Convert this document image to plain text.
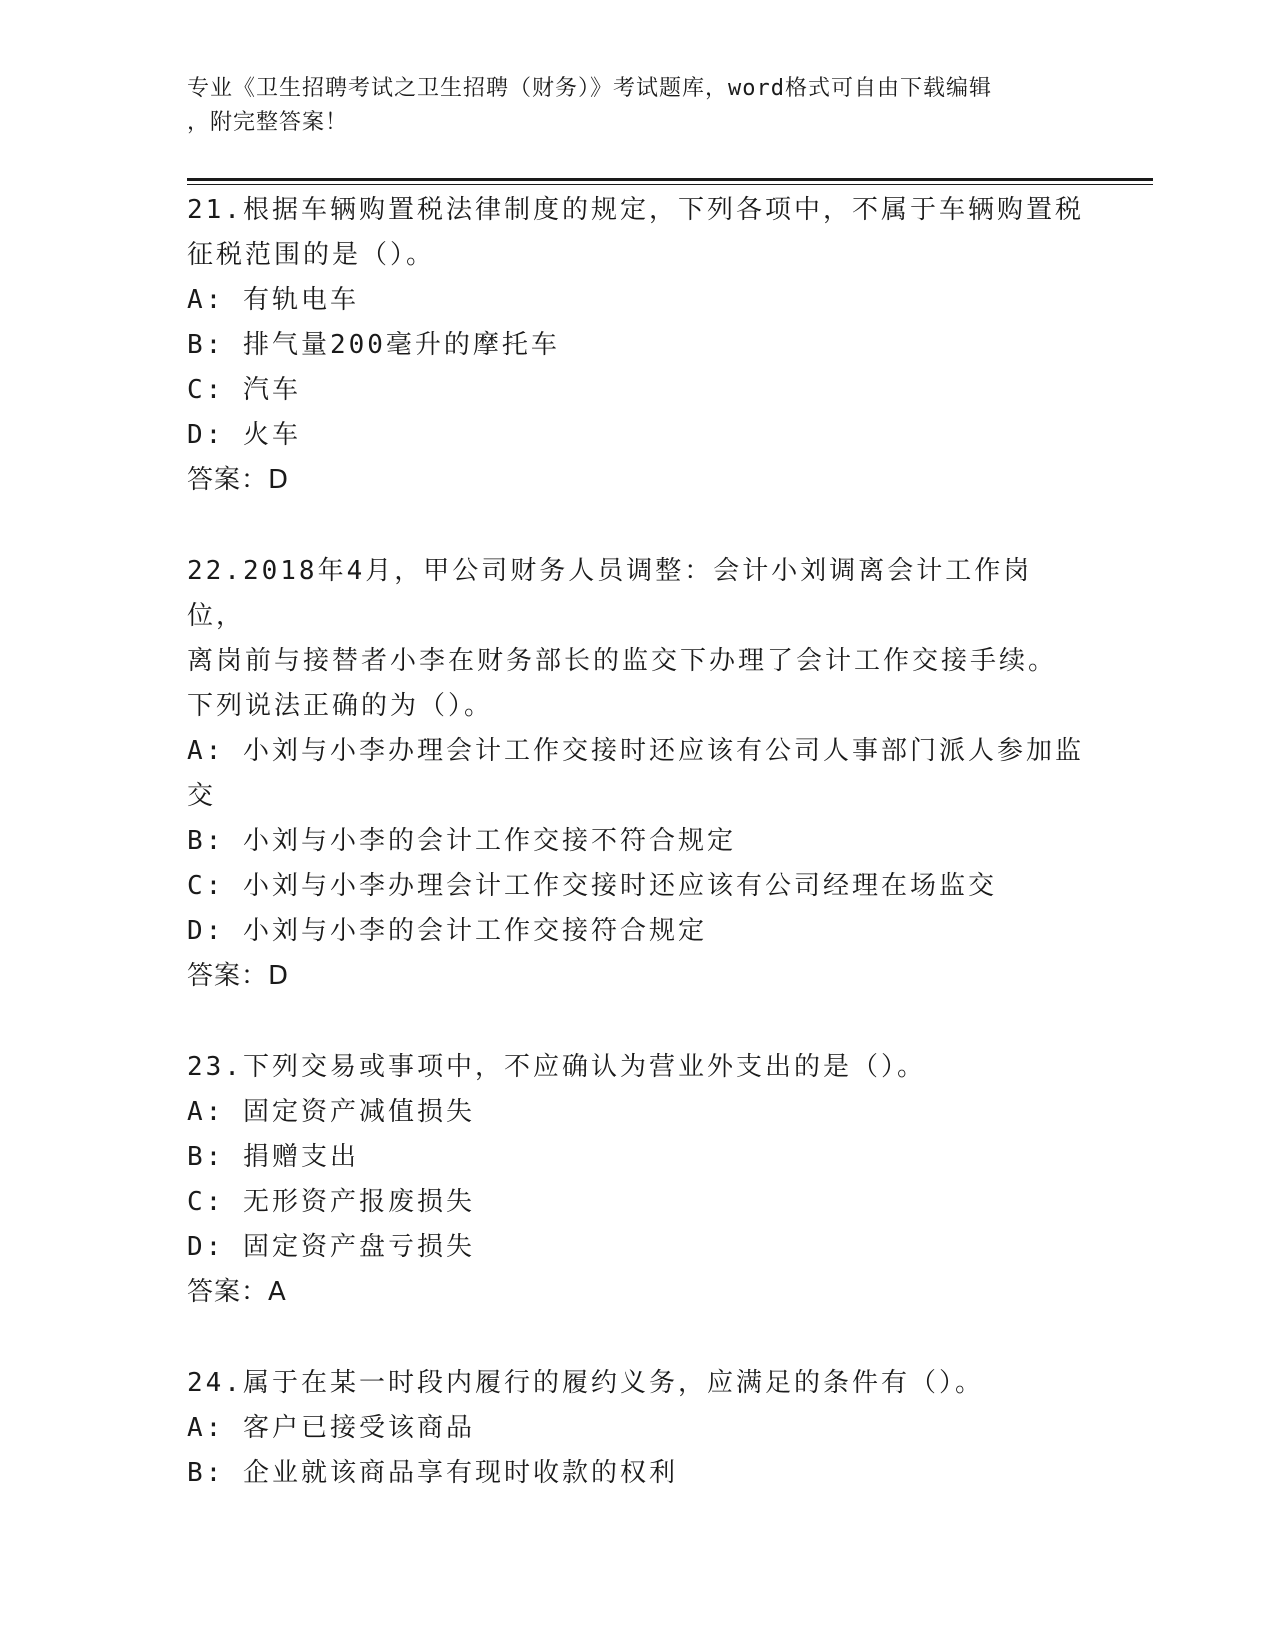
专业《卫生招聘考试之卫生招聘（财务）》考试题库，word格式可自由下载编辑
，附完整答案！
21.根据车辆购置税法律制度的规定，下列各项中，不属于车辆购置税
征税范围的是（）。
A: 有轨电车
B: 排气量200毫升的摩托车
C: 汽车
D: 火车
答案：D
22.2018年4月，甲公司财务人员调整：会计小刘调离会计工作岗位，
离岗前与接替者小李在财务部长的监交下办理了会计工作交接手续。
下列说法正确的为（）。
A: 小刘与小李办理会计工作交接时还应该有公司人事部门派人参加监
交
B: 小刘与小李的会计工作交接不符合规定
C: 小刘与小李办理会计工作交接时还应该有公司经理在场监交
D: 小刘与小李的会计工作交接符合规定
答案：D
23.下列交易或事项中，不应确认为营业外支出的是（）。
A: 固定资产减值损失
B: 捐赠支出
C: 无形资产报废损失
D: 固定资产盘亏损失
答案：A
24.属于在某一时段内履行的履约义务，应满足的条件有（）。
A: 客户已接受该商品
B: 企业就该商品享有现时收款的权利
